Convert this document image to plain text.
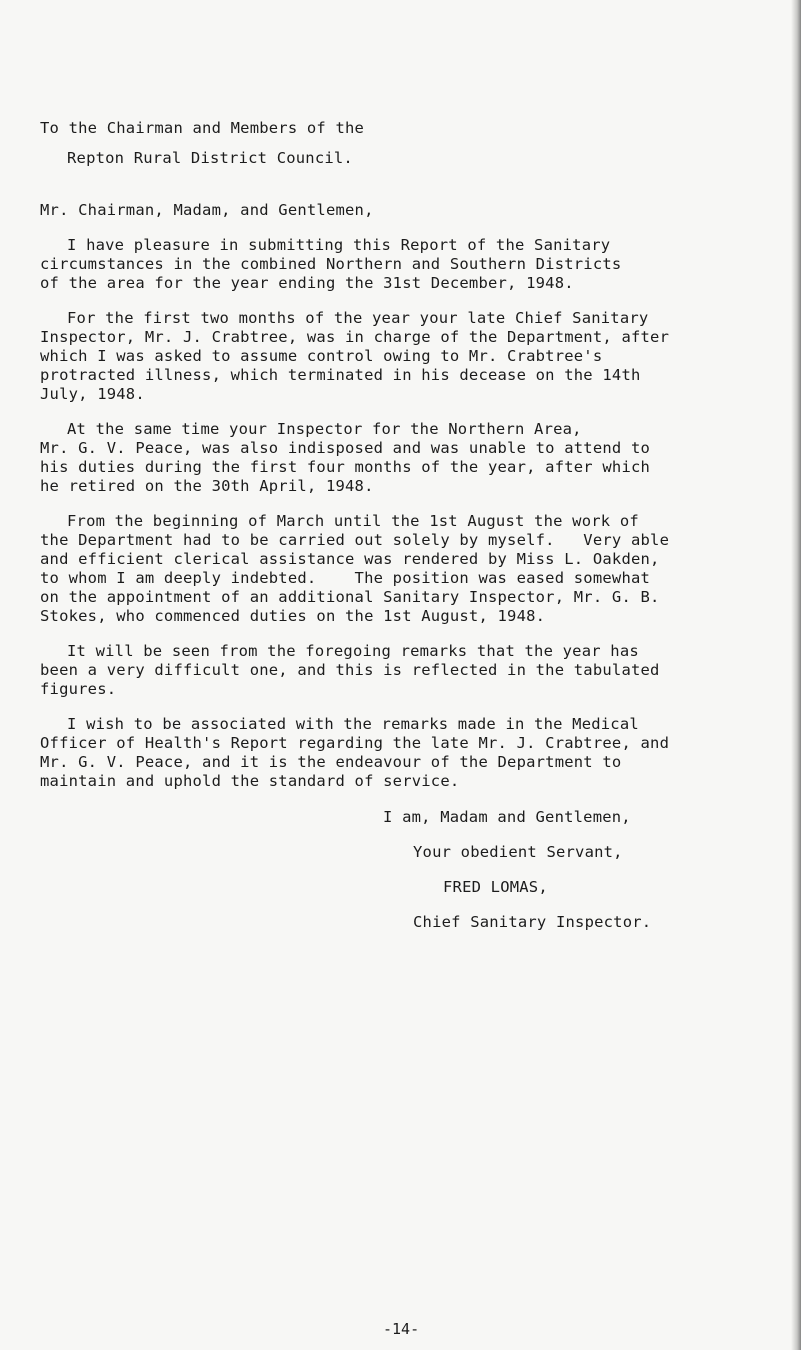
To the Chairman and Members of the
Repton Rural District Council.
Mr. Chairman, Madam, and Gentlemen,
I have pleasure in submitting this Report of the Sanitary
circumstances in the combined Northern and Southern Districts
of the area for the year ending the 31st December, 1948.
For the first two months of the year your late Chief Sanitary
Inspector, Mr. J. Crabtree, was in charge of the Department, after
which I was asked to assume control owing to Mr. Crabtree's
protracted illness, which terminated in his decease on the 14th
July, 1948.
At the same time your Inspector for the Northern Area,
Mr. G. V. Peace, was also indisposed and was unable to attend to
his duties during the first four months of the year, after which
he retired on the 30th April, 1948.
From the beginning of March until the 1st August the work of
the Department had to be carried out solely by myself.   Very able
and efficient clerical assistance was rendered by Miss L. Oakden,
to whom I am deeply indebted.    The position was eased somewhat
on the appointment of an additional Sanitary Inspector, Mr. G. B.
Stokes, who commenced duties on the 1st August, 1948.
It will be seen from the foregoing remarks that the year has
been a very difficult one, and this is reflected in the tabulated
figures.
I wish to be associated with the remarks made in the Medical
Officer of Health's Report regarding the late Mr. J. Crabtree, and
Mr. G. V. Peace, and it is the endeavour of the Department to
maintain and uphold the standard of service.
I am, Madam and Gentlemen,
Your obedient Servant,
FRED LOMAS,
Chief Sanitary Inspector.
-14-
